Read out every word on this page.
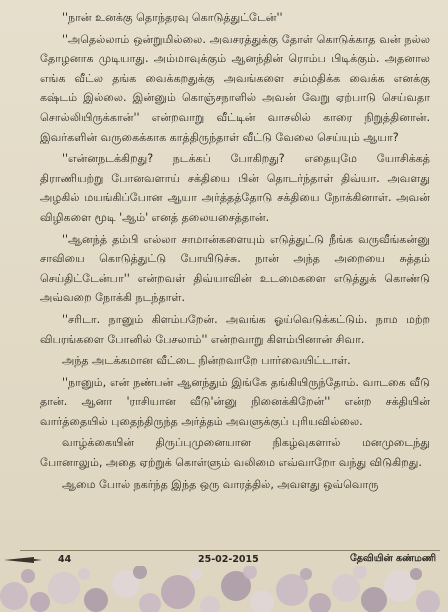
''நான் உனக்கு தொந்தரவு கொடுத்துட்டேன்''

''அதெல்லாம் ஒன்றுமில்லை. அவசரத்துக்கு தோள் கொடுக்காத வன் நல்ல தோழனாக முடியாது. அம்மாவுக்கும் ஆனந்தின் ரொம்ப பிடிக்கும். அதனால எங்க வீட்ல தங்க வைக்கறதுக்கு அவங்களை சம்மதிக்க வைக்க எனக்கு கஷ்டம் இல்லை. இன்னும் கொஞ்சநாளில் அவன் வேறு ஏற்பாடு செய்வதா சொல்லியிருக்கான்'' என்றவாறு வீட்டின் வாசலில் காரை நிறுத்தினான். இவர்களின் வருகைக்காக காத்திருந்தாள் வீட்டு வேலை செய்யும் ஆயா?

''என்னநடக்கிறது? நடக்கப் போகிறது? எதையுமே யோசிக்கத் திராணியற்று போனவளாய் சக்தியை பின் தொடர்ந்தாள் திவ்யா. அவளது அழகில் மயங்கிப்போன ஆயா அர்த்தத்தோடு சக்தியை நோக்கினாள். அவன் விழிகளை மூடி 'ஆம்' எனத் தலையசைத்தான்.

''ஆனந்த் தம்பி எல்லா சாமான்களையும் எடுத்துட்டு நீங்க வருவீங்கன்னு சாவியை கொடுத்துட்டு போயிடுச்சு. நான் அந்த அறையை சுத்தம் செய்திட்டேன்பா'' என்றவள் திவ்யாவின் உடமைகளை எடுத்துக் கொண்டு அவ்வறை நோக்கி நடந்தாள்.

''சரிடா. நானும் கிளம்பறேன். அவங்க ஓய்வெடுக்கட்டும். நாம மற்ற விபரங்களை போனில் பேசலாம்'' என்றவாறு கிளம்பினான் சிவா.

அந்த அடக்கமான வீட்டை நின்றவாறே பார்வையிட்டாள்.

''நானும், என் நண்பன் ஆனந்தும் இங்கே தங்கியிருந்தோம். வாடகை வீடு தான். ஆனா 'ராசியான வீடு'ன்னு நினைக்கிறேன்'' என்ற சக்தியின் வார்த்தையில் புதைந்திருந்த அர்த்தம் அவளுக்குப் புரியவில்லை.

வாழ்க்கையின் திருப்புமுனையான நிகழ்வுகளால் மனமுடைந்து போனாலும், அதை ஏற்றுக் கொள்ளும் வலிமை எவ்வாறோ வந்து விடுகிறது.

ஆமை போல் நகர்ந்த இந்த ஒரு வாரத்தில், அவளது ஒவ்வொரு

44	25-02-2015	தேவியின் கண்மணி
